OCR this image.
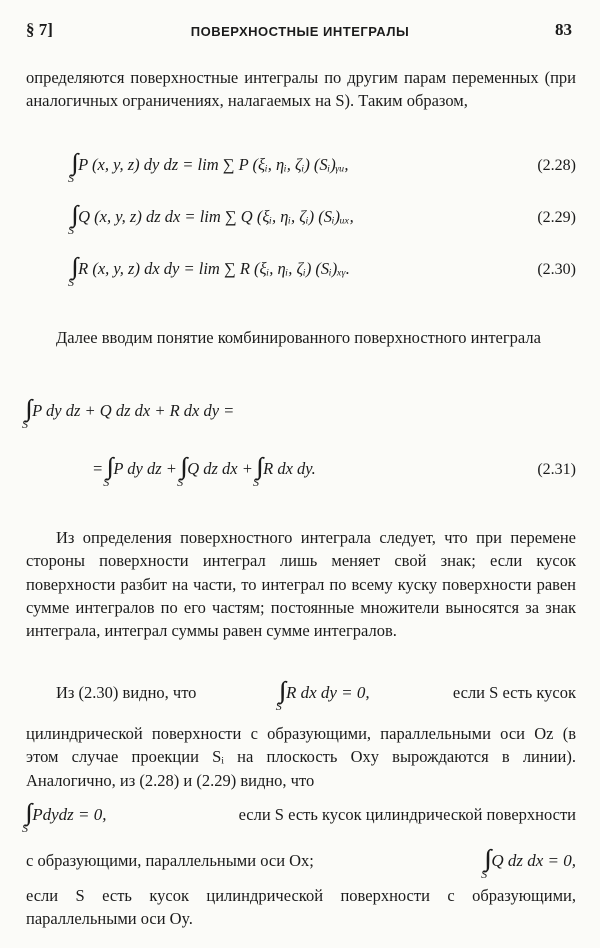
§ 7]	ПОВЕРХНОСТНЫЕ ИНТЕГРАЛЫ	83
определяются поверхностные интегралы по другим парам переменных (при аналогичных ограничениях, налагаемых на S). Таким образом,
$_S$ P (x, y, z) dy dz = lim ∑ P (ξᵢ, ηᵢ, ζᵢ) (Sᵢ)ᵧᵤ,	(2.28)
$_S$ Q (x, y, z) dz dx = lim ∑ Q (ξᵢ, ηᵢ, ζᵢ) (Sᵢ)ᵤₓ,	(2.29)
$_S$ R (x, y, z) dx dy = lim ∑ R (ξᵢ, ηᵢ, ζᵢ) (Sᵢ)ₓᵧ.	(2.30)
Далее вводим понятие комбинированного поверхностного интеграла
$_S$ P dy dz + Q dz dx + R dx dy =
= $_S$ P dy dz + $_S$ Q dz dx + $_S$ R dx dy.	(2.31)
Из определения поверхностного интеграла следует, что при перемене стороны поверхности интеграл лишь меняет свой знак; если кусок поверхности разбит на части, то интеграл по всему куску поверхности равен сумме интегралов по его частям; постоянные множители выносятся за знак интеграла, интеграл суммы равен сумме интегралов.
Из (2.30) видно, что
$_S$ R dx dy = 0,	если S есть кусок
цилиндрической поверхности с образующими, параллельными оси Oz (в этом случае проекции Sᵢ на плоскость Oxy вырождаются в линии). Аналогично, из (2.28) и (2.29) видно, что
$_S$ Pdydz = 0,	если S есть кусок цилиндрической поверхности
с образующими, параллельными оси Ox;
$_S$ Q dz dx = 0,
если S есть кусок цилиндрической поверхности с образующими, параллельными оси Oy.
